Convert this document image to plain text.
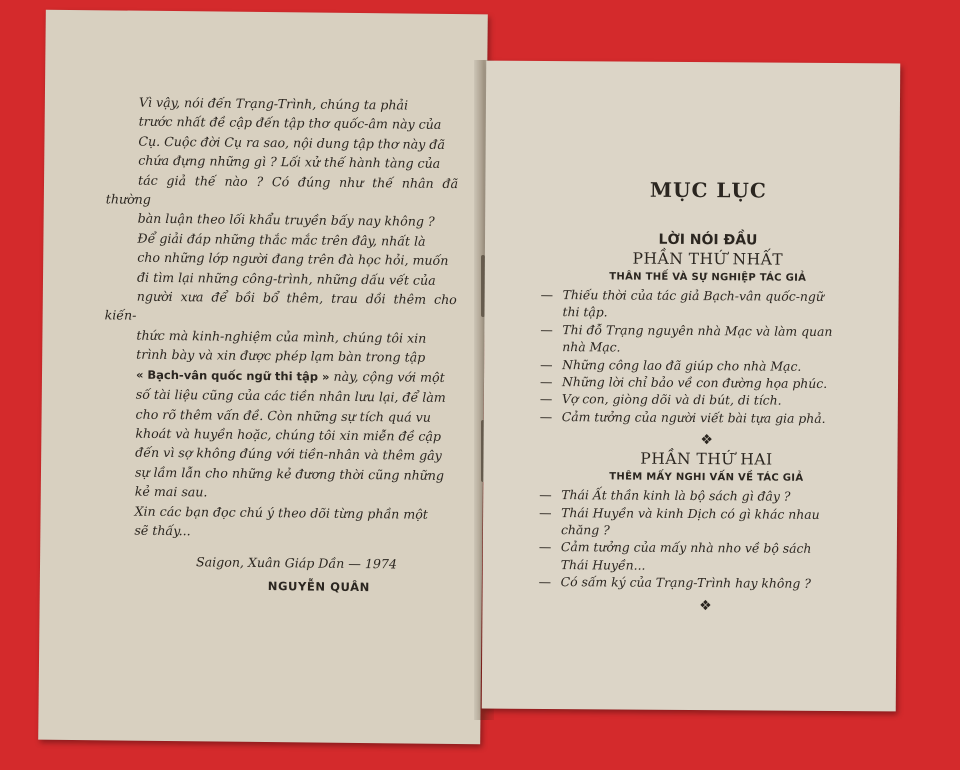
Vì vậy, nói đến Trạng-Trình, chúng ta phải
trước nhất đề cập đến tập thơ quốc-âm này của
Cụ. Cuộc đời Cụ ra sao, nội dung tập thơ này đã
chứa đựng những gì ? Lối xử thế hành tàng của
tác giả thế nào ? Có đúng như thế nhân đã thường
bàn luận theo lối khẩu truyền bấy nay không ?

Để giải đáp những thắc mắc trên đây, nhất là
cho những lớp người đang trên đà học hỏi, muốn
đi tìm lại những công-trình, những dấu vết của
người xưa để bồi bổ thêm, trau dồi thêm cho kiến-
thức mà kinh-nghiệm của mình, chúng tôi xin
trình bày và xin được phép lạm bàn trong tập
« Bạch-vân quốc ngữ thi tập » này, cộng với một
số tài liệu cũng của các tiền nhân lưu lại, để làm
cho rõ thêm vấn đề. Còn những sự tích quá vu
khoát và huyền hoặc, chúng tôi xin miễn đề cập
đến vì sợ không đúng với tiền-nhân và thêm gây
sự lầm lẫn cho những kẻ đương thời cũng những
kẻ mai sau.

Xin các bạn đọc chú ý theo dõi từng phần một
sẽ thấy...

Saigon, Xuân Giáp Dần — 1974

NGUYỄN QUÂN

MỤC LỤC

LỜI NÓI ĐẦU

PHẦN THỨ NHẤT

THÂN THẾ VÀ SỰ NGHIỆP TÁC GIẢ

— Thiếu thời của tác giả Bạch-vân quốc-ngữ
thi tập.
— Thi đỗ Trạng nguyên nhà Mạc và làm quan
nhà Mạc.
— Những công lao đã giúp cho nhà Mạc.
— Những lời chỉ bảo về con đường họa phúc.
— Vợ con, giòng dõi và di bút, di tích.
— Cảm tưởng của người viết bài tựa gia phả.

❖

PHẦN THỨ HAI

THÊM MẤY NGHI VẤN VỀ TÁC GIẢ

— Thái Ất thần kinh là bộ sách gì đây ?
— Thái Huyền và kinh Dịch có gì khác nhau
chăng ?
— Cảm tưởng của mấy nhà nho về bộ sách
Thái Huyền...
— Có sấm ký của Trạng-Trình hay không ?

❖
